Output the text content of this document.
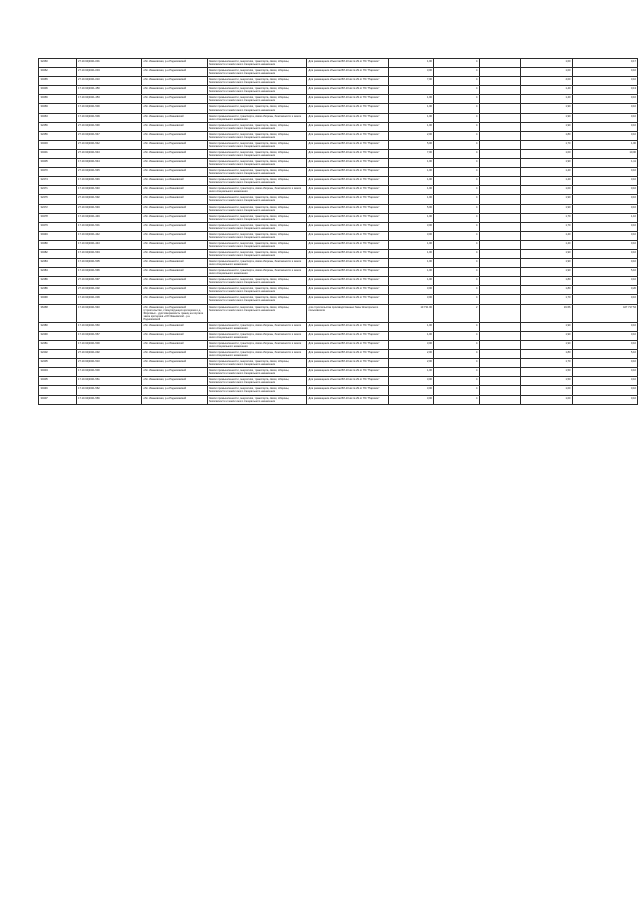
32460	27.10.04|2021-001	обл. Ивановская, р-н Родниковский	Земли промышленности, энергетики, транспорта, связи, обороны, безопасности и земли иного специального назначения	Для размещения объектов ВЛ-10 кв № 29 от ПС "Парское"	1,00	4		1,00	0,17
30462	27.10.04|2021-004	обл. Ивановская, р-н Родниковский	Земли промышленности, энергетики, транспорта, связи, обороны, безопасности и земли иного специального назначения	Для размещения объектов ВЛ-10 кв № 29 от ПС "Парское"	3,00	4		1,00	0,10
30465	27.10.04|2021-010	обл. Ивановская, р-н Родниковский	Земли промышленности, энергетики, транспорта, связи, обороны, безопасности и земли иного специального назначения	Для размещения объектов ВЛ-10 кв № 29 от ПС "Парское"	7,00	4		4,00	0,10
30406	17.10.04|2021-450	обл. Ивановская, р-н Родниковский	Земли промышленности, энергетики, транспорта, связи, обороны, безопасности и земли иного специального назначения	Для размещения объектов ВЛ-10 кв № 29 от ПС "Парское"		4		1,40	0,13
30466	17.10.04|2021-453	обл. Ивановская, р-н Родниковский	Земли промышленности, энергетики, транспорта, связи, обороны, безопасности и земли иного специального назначения	Для размещения объектов ВЛ-10 кв № 29 от ПС "Парское"	1,00	4		1,40	0,10
30469	17.10.04|2021-500	обл. Ивановская, р-н Родниковский	Земли промышленности, энергетики, транспорта, связи, обороны, безопасности и земли иного специального назначения	Для размещения объектов ВЛ-10 кв № 29 от ПС "Парское"	1,00	4		1,90	0,10
30463	17.10.04|2021-509	обл. Ивановская, р-н Ивановский	Земли промышленности, транспорта, связи обороны, безопасности и земли иного специального назначения	Для размещения объектов ВЛ-10 кв № 29 от ПС "Парское"	1,00	4		1,90	0,10
32456	27.10.04|2021-590	обл. Ивановская, р-н Ивановский	Земли промышленности, энергетики, транспорта, связи, обороны, безопасности и земли иного специального назначения	Для размещения объектов ВЛ-10 кв № 29 от ПС "Парское"	1,00	4		1,90	0,10
32456	27.10.04|2021-547	обл. Ивановская, р-н Родниковский	Земли промышленности, энергетики, транспорта, связи, обороны, безопасности и земли иного специального назначения	Для размещения объектов ВЛ-10 кв № 29 от ПС "Парское"	2,00	4		1,80	0,10
30403	27.10.04|2021-542	обл. Ивановская, р-н Родниковский	Земли промышленности, энергетики, транспорта, связи, обороны, безопасности и земли иного специального назначения	Для размещения объектов ВЛ-10 кв № 29 от ПС "Парское"	5,00	4		1,70	1,00
30401	27.10.04|2021-543	обл. Ивановская, р-н Родниковский	Земли промышленности, энергетики, транспорта, связи, обороны, безопасности и земли иного специального назначения	Для размещения объектов ВЛ-10 кв № 29 от ПС "Парское"	7,00	4		1,00	10,00
30405	17.10.04|2021-544	обл. Ивановская, р-н Родниковский	Земли промышленности, энергетики, транспорта, связи, обороны, безопасности и земли иного специального назначения	Для размещения объектов ВЛ-10 кв № 29 от ПС "Парское"	1,00	4		1,90	1,11
30470	27.10.04|2021-545	обл. Ивановская, р-н Родниковский	Земли промышленности, энергетики, транспорта, связи, обороны, безопасности и земли иного специального назначения	Для размещения объектов ВЛ-10 кв № 29 от ПС "Парское"	1,00	4		1,40	0,10
32474	17.10.04|2021-546	обл. Ивановская, р-н Ивановский	Земли промышленности, энергетики, транспорта, связи, обороны, безопасности и земли иного специального назначения	Для размещения объектов ВЛ-10 кв № 29 от ПС "Парское"	1,00	4		1,40	0,10
32471	17.10.04|2021-540	обл. Ивановская, р-н Ивановский	Земли промышленности, транспорта, связи обороны, безопасности и земли иного специального назначения	Для размещения объектов ВЛ-10 кв № 29 от ПС "Парское"	1,00	4		1,00	0,10
32476	27.10.04|2021-592	обл. Ивановская, р-н Ивановский	Земли промышленности, энергетики, транспорта, связи, обороны, безопасности и земли иного специального назначения	Для размещения объектов ВЛ-10 кв № 29 от ПС "Парское"	1,00	4		1,90	0,10
32472	27.10.04|2021-549	обл. Ивановская, р-н Родниковский	Земли промышленности, энергетики, транспорта, связи, обороны, безопасности и земли иного специального назначения	Для размещения объектов ВЛ-10 кв № 29 от ПС "Парское"	5,00	4		1,90	0,10
30478	17.10.04|2021-449	обл. Ивановская, р-н Родниковский	Земли промышленности, энергетики, транспорта, связи, обороны, безопасности и земли иного специального назначения	Для размещения объектов ВЛ-10 кв № 29 от ПС "Парское"	1,00	4		1,70	1,10
30479	17.10.04|2021-501	обл. Ивановская, р-н Родниковский	Земли промышленности, энергетики, транспорта, связи, обороны, безопасности и земли иного специального назначения	Для размещения объектов ВЛ-10 кв № 29 от ПС "Парское"	3,00	4		1,70	0,10
30449	17.10.04|2021-442	обл. Ивановская, р-н Родниковский	Земли промышленности, энергетики, транспорта, связи, обороны, безопасности и земли иного специального назначения	Для размещения объектов ВЛ-10 кв № 29 от ПС "Парское"	3,00	4		1,40	0,10
30480	17.10.04|2021-443	обл. Ивановская, р-н Родниковский	Земли промышленности, энергетики, транспорта, связи, обороны, безопасности и земли иного специального назначения	Для размещения объектов ВЛ-10 кв № 29 от ПС "Парское"	1,00	4		1,40	0,10
30482	17.10.04|2021-594	обл. Ивановская, р-н Родниковский	Земли промышленности, энергетики, транспорта, связи, обороны, безопасности и земли иного специального назначения	Для размещения объектов ВЛ-10 кв № 29 от ПС "Парское"	1,00	4		1,90	0,10
32484	17.10.04|2021-505	обл. Ивановская, р-н Ивановский	Земли промышленности, транспорта, связи обороны, безопасности и земли иного специального назначения	Для размещения объектов ВЛ-10 кв № 29 от ПС "Парское"	1,00	4		1,90	0,10
32484	17.10.04|2021-596	обл. Ивановская, р-н Ивановский	Земли промышленности, транспорта, связи обороны, безопасности и земли иного специального назначения	Для размещения объектов ВЛ-10 кв № 29 от ПС "Парское"	1,00	4		1,90	5,10
32486	27.10.04|2021-597	обл. Ивановская, р-н Родниковский	Земли промышленности, энергетики, транспорта, связи, обороны, безопасности и земли иного специального назначения	Для размещения объектов ВЛ-10 кв № 29 от ПС "Парское"	1,00	4		1,80	0,10
32486	27.10.04|2021-002	обл. Ивановская, р-н Родниковский	Земли промышленности, энергетики, транспорта, связи, обороны, безопасности и земли иного специального назначения	Для размещения объектов ВЛ-10 кв № 29 от ПС "Парское"	3,00	4		1,80	0,20
30490	17.10.04|2021-009	обл. Ивановская, р-н Родниковский	Земли промышленности, энергетики, транспорта, связи, обороны, безопасности и земли иного специального назначения	Для размещения объектов ВЛ-10 кв № 29 от ПС "Парское"	3,00	4		1,70	0,10
36468	17.10.04|2021-540	обл. Ивановская, р-н Родниковский (строительство, стимулирующих критериев и.д. Фирсовых - удостоверяемость границ на портале закон критериев «Об Ивановской - р-н Родниковский	Земли промышленности, энергетики, транспорта, связи, обороны, безопасности и земли иного специального назначения	для строительства производственных базы Электросного пользователя	10 731 00	2		19-56	427 717 54
32480	17.10.04|2021-560	обл. Ивановская, р-н Ивановский	Земли промышленности, транспорта, связи обороны, безопасности и земли иного специального назначения	Для размещения объектов ВЛ-10 кв № 29 от ПС "Парское"	1,00	4		1,90	0,10
32490	17.10.04|2021-567	обл. Ивановская, р-н Ивановский	Земли промышленности, транспорта, связи обороны, безопасности и земли иного специального назначения	Для размещения объектов ВЛ-10 кв № 29 от ПС "Парское"	1,00	4		1,90	0,10
32481	17.10.04|2021-500	обл. Ивановская, р-н Ивановский	Земли промышленности, транспорта, связи обороны, безопасности и земли иного специального назначения	Для размещения объектов ВЛ-10 кв № 29 от ПС "Парское"	3,00	4		1,90	0,10
32402	27.10.04|2021-092	обл. Ивановская, р-н Родниковский	Земли промышленности, транспорта, связи обороны, безопасности и земли иного специального назначения	Для размещения объектов ВЛ-10 кв № 29 от ПС "Парское"	2,00	4		1,80	5,10
32405	27.10.04|2021-510	обл. Ивановская, р-н Родниковский	Земли промышленности, энергетики, транспорта, связи, обороны, безопасности и земли иного специального назначения	Для размещения объектов ВЛ-10 кв № 29 от ПС "Парское"	2,00	4		1,70	0,10
30404	17.10.04|2021-500	обл. Ивановская, р-н Родниковский	Земли промышленности, энергетики, транспорта, связи, обороны, безопасности и земли иного специального назначения	Для размещения объектов ВЛ-10 кв № 29 от ПС "Парское"	1,00	4		1,50	0,10
30405	17.10.04|2021-561	обл. Ивановская, р-н Родниковский	Земли промышленности, энергетики, транспорта, связи, обороны, безопасности и земли иного специального назначения	Для размещения объектов ВЛ-10 кв № 29 от ПС "Парское"	3,00	4		1,50	0,10
30446	17.10.04|2021-562	обл. Ивановская, р-н Родниковский	Земли промышленности, энергетики, транспорта, связи, обороны, безопасности и земли иного специального назначения	Для размещения объектов ВЛ-10 кв № 29 от ПС "Парское"	3,00	4		1,00	0,10
30407	17.10.04|2021-566	обл. Ивановская, р-н Родниковский	Земли промышленности, энергетики, транспорта, связи, обороны, безопасности и земли иного специального назначения	Для размещения объектов ВЛ-10 кв № 29 от ПС "Парское"	3,00	4		1,00	0,10
